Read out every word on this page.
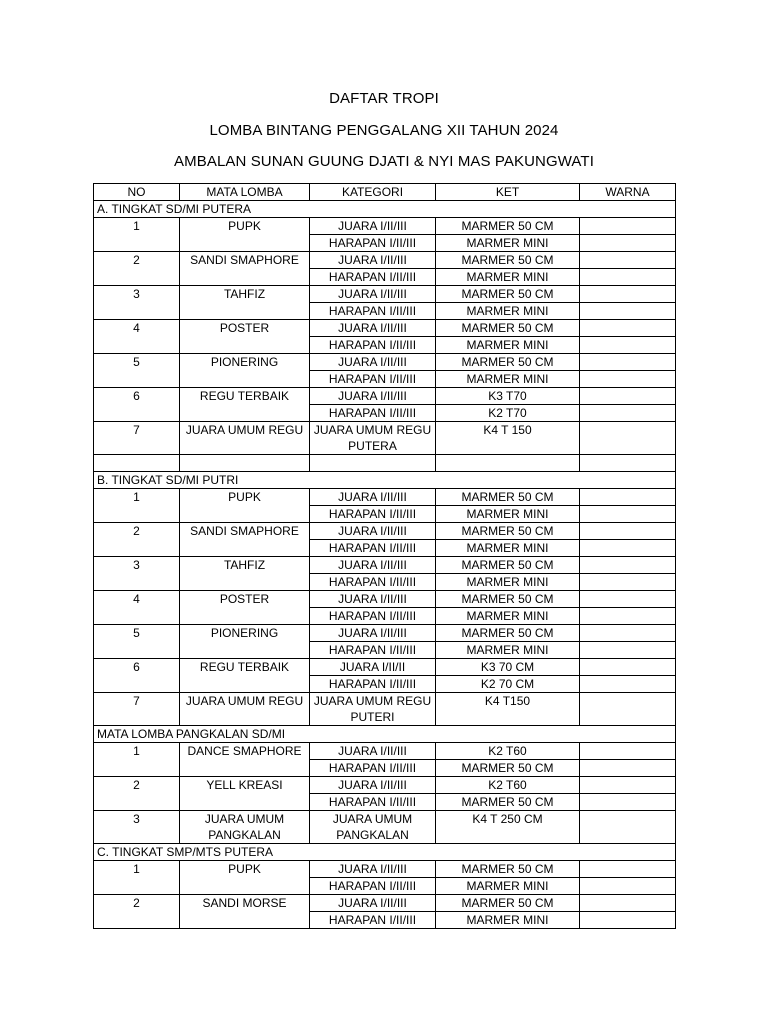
DAFTAR TROPI
LOMBA BINTANG PENGGALANG XII TAHUN 2024
AMBALAN SUNAN GUUNG DJATI & NYI MAS PAKUNGWATI
NO	MATA LOMBA	KATEGORI	KET	WARNA
A. TINGKAT SD/MI PUTERA				
1	PUPK	JUARA I/II/III	MARMER 50 CM	
		HARAPAN I/II/III	MARMER MINI	
2	SANDI SMAPHORE	JUARA I/II/III	MARMER 50 CM	
		HARAPAN I/II/III	MARMER MINI	
3	TAHFIZ	JUARA I/II/III	MARMER 50 CM	
		HARAPAN I/II/III	MARMER MINI	
4	POSTER	JUARA I/II/III	MARMER 50 CM	
		HARAPAN I/II/III	MARMER MINI	
5	PIONERING	JUARA I/II/III	MARMER 50 CM	
		HARAPAN I/II/III	MARMER MINI	
6	REGU TERBAIK	JUARA I/II/III	K3 T70	
		HARAPAN I/II/III	K2 T70	
7	JUARA UMUM REGU	JUARA UMUM REGU PUTERA	K4 T 150	

B. TINGKAT SD/MI PUTRI				
1	PUPK	JUARA I/II/III	MARMER 50 CM	
		HARAPAN I/II/III	MARMER MINI	
2	SANDI SMAPHORE	JUARA I/II/III	MARMER 50 CM	
		HARAPAN I/II/III	MARMER MINI	
3	TAHFIZ	JUARA I/II/III	MARMER 50 CM	
		HARAPAN I/II/III	MARMER MINI	
4	POSTER	JUARA I/II/III	MARMER 50 CM	
		HARAPAN I/II/III	MARMER MINI	
5	PIONERING	JUARA I/II/III	MARMER 50 CM	
		HARAPAN I/II/III	MARMER MINI	
6	REGU TERBAIK	JUARA I/II/II	K3 70 CM	
		HARAPAN I/II/III	K2 70 CM	
7	JUARA UMUM REGU	JUARA UMUM REGU PUTERI	K4 T150	
MATA LOMBA PANGKALAN SD/MI				
1	DANCE SMAPHORE	JUARA I/II/III	K2 T60	
		HARAPAN I/II/III	MARMER 50 CM	
2	YELL KREASI	JUARA I/II/III	K2 T60	
		HARAPAN I/II/III	MARMER 50 CM	
3	JUARA UMUM PANGKALAN	JUARA UMUM PANGKALAN	K4 T 250 CM	
C. TINGKAT SMP/MTS PUTERA				
1	PUPK	JUARA I/II/III	MARMER 50 CM	
		HARAPAN I/II/III	MARMER MINI	
2	SANDI MORSE	JUARA I/II/III	MARMER 50 CM	
		HARAPAN I/II/III	MARMER MINI	
